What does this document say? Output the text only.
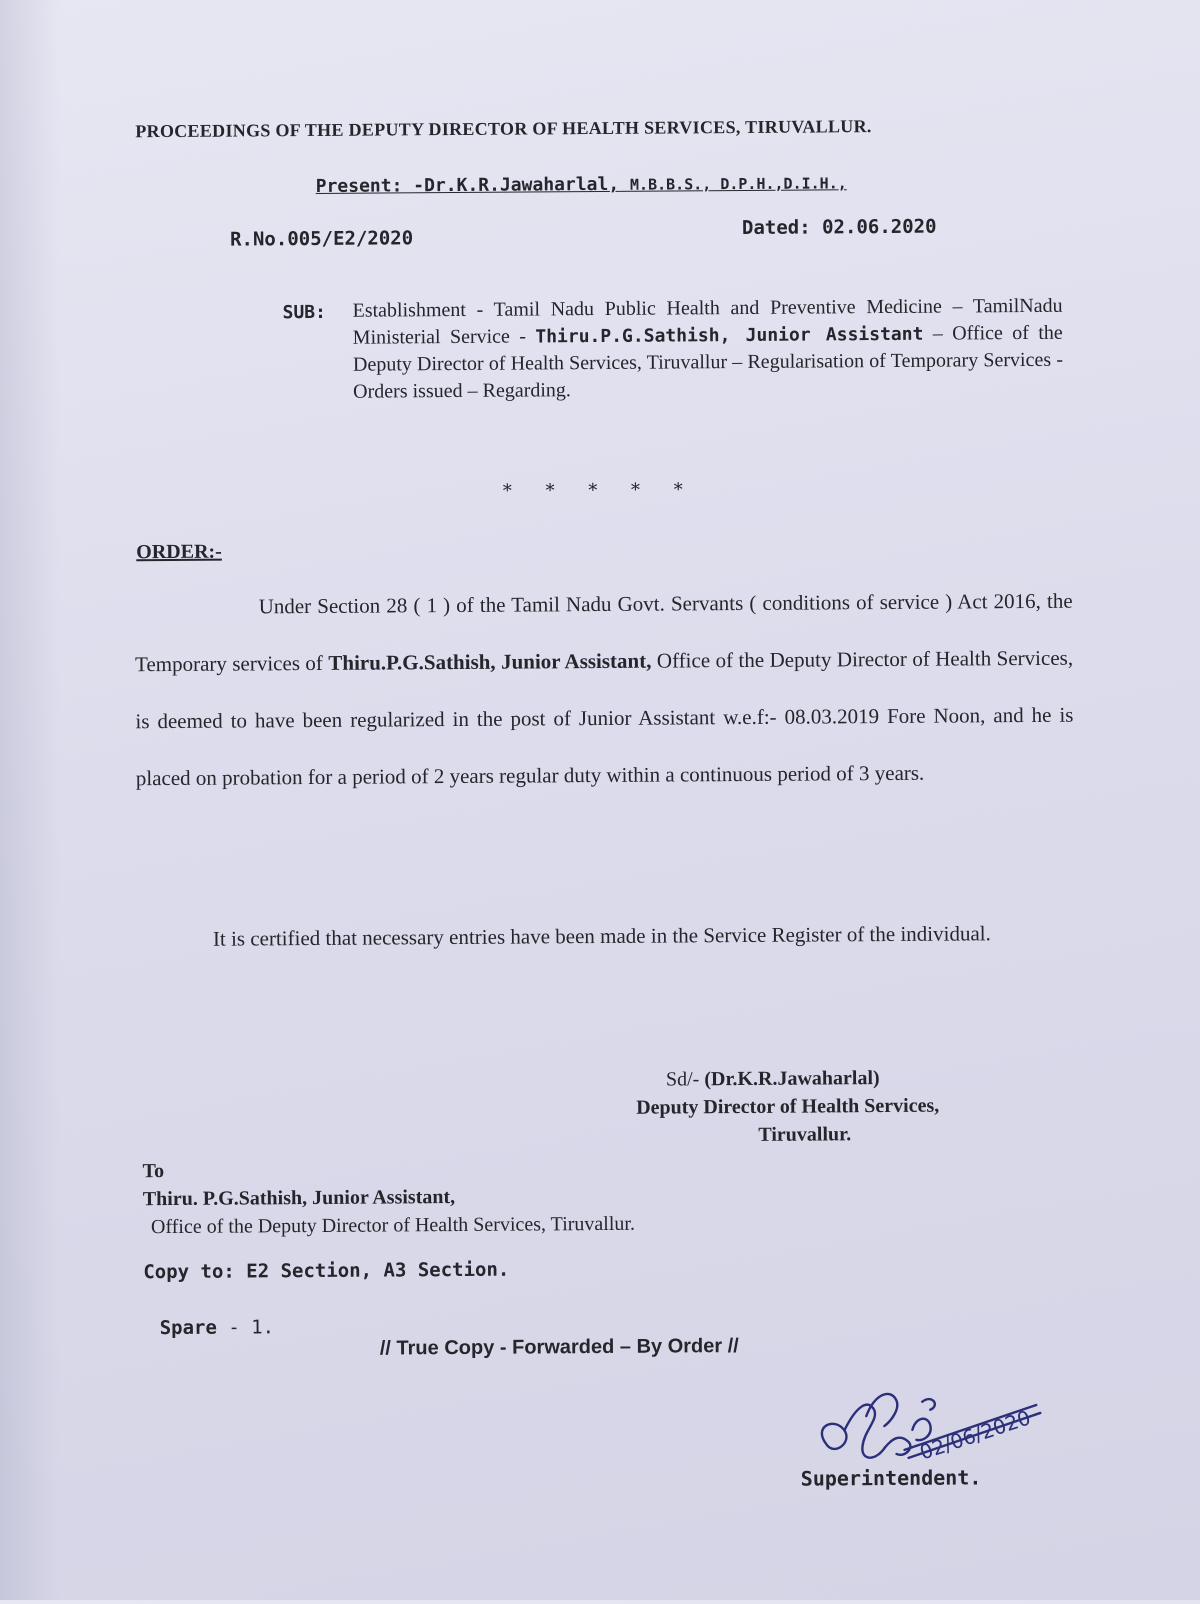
PROCEEDINGS OF THE DEPUTY DIRECTOR OF HEALTH SERVICES, TIRUVALLUR.
Present: -Dr.K.R.Jawaharlal, M.B.B.S., D.P.H.,D.I.H.,
R.No.005/E2/2020	Dated: 02.06.2020
SUB: Establishment - Tamil Nadu Public Health and Preventive Medicine – TamilNadu Ministerial Service - Thiru.P.G.Sathish, Junior Assistant – Office of the Deputy Director of Health Services, Tiruvallur – Regularisation of Temporary Services - Orders issued – Regarding.
* * * * *
ORDER:-
Under Section 28 ( 1 ) of the Tamil Nadu Govt. Servants ( conditions of service ) Act 2016, the Temporary services of Thiru.P.G.Sathish, Junior Assistant, Office of the Deputy Director of Health Services, is deemed to have been regularized in the post of Junior Assistant w.e.f:- 08.03.2019 Fore Noon, and he is placed on probation for a period of 2 years regular duty within a continuous period of 3 years.
It is certified that necessary entries have been made in the Service Register of the individual.
Sd/- (Dr.K.R.Jawaharlal)
Deputy Director of Health Services,
Tiruvallur.
To
Thiru. P.G.Sathish, Junior Assistant,
Office of the Deputy Director of Health Services, Tiruvallur.
Copy to: E2 Section, A3 Section.
Spare - 1.
// True Copy - Forwarded – By Order //
02/06/2020
Superintendent.
